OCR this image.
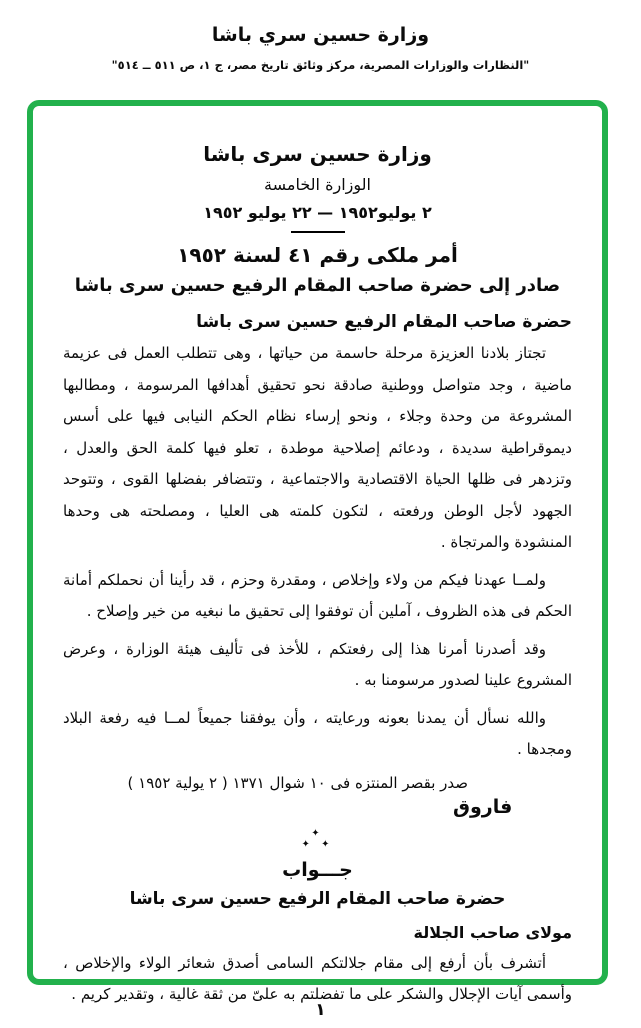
وزارة حسين سري باشا
"النظارات والوزارات المصرية، مركز وثائق تاريخ مصر، ج ١، ص ٥١١ ــ ٥١٤"
وزارة حسين سرى باشا
الوزارة الخامسة
٢ يوليو١٩٥٢ — ٢٢ يوليو ١٩٥٢
أمر ملكى رقم ٤١ لسنة ١٩٥٢
صادر إلى حضرة صاحب المقام الرفيع حسين سرى باشا
حضرة صاحب المقام الرفيع حسين سرى باشا

تجتاز بلادنا العزيزة مرحلة حاسمة من حياتها ، وهى تتطلب العمل فى عزيمة ماضية ، وجد متواصل ووطنية صادقة نحو تحقيق أهدافها المرسومة ، ومطالبها المشروعة من وحدة وجلاء ، ونحو إرساء نظام الحكم النيابى فيها على أسس ديموقراطية سديدة ، ودعائم إصلاحية موطدة ، تعلو فيها كلمة الحق والعدل ، وتزدهر فى ظلها الحياة الاقتصادية والاجتماعية ، وتتضافر بفضلها القوى ، وتتوحد الجهود لأجل الوطن ورفعته ، لتكون كلمته هى العليا ، ومصلحته هى وحدها المنشودة والمرتجاة .

ولمــا عهدنا فيكم من ولاء وإخلاص ، ومقدرة وحزم ، قد رأينا أن نحملكم أمانة الحكم فى هذه الظروف ، آملين أن توفقوا إلى تحقيق ما نبغيه من خير وإصلاح .

وقد أصدرنا أمرنا هذا إلى رفعتكم ، للأخذ فى تأليف هيئة الوزارة ، وعرض المشروع علينا لصدور مرسومنا به .

والله نسأل أن يمدنا بعونه ورعايته ، وأن يوفقنا جميعاً لمــا فيه رفعة البلاد ومجدها .

صدر بقصر المنتزه فى ١٠ شوال ١٣٧١ ( ٢ يولية ١٩٥٢ )
فاروق
✦
✦ ✦
جـــواب
حضرة صاحب المقام الرفيع حسين سرى باشا
مولاى صاحب الجلالة

أتشرف بأن أرفع إلى مقام جلالتكم السامى أصدق شعائر الولاء والإخلاص ، وأسمى آيات الإجلال والشكر على ما تفضلتم به علىّ من ثقة غالية ، وتقدير كريم .

١
